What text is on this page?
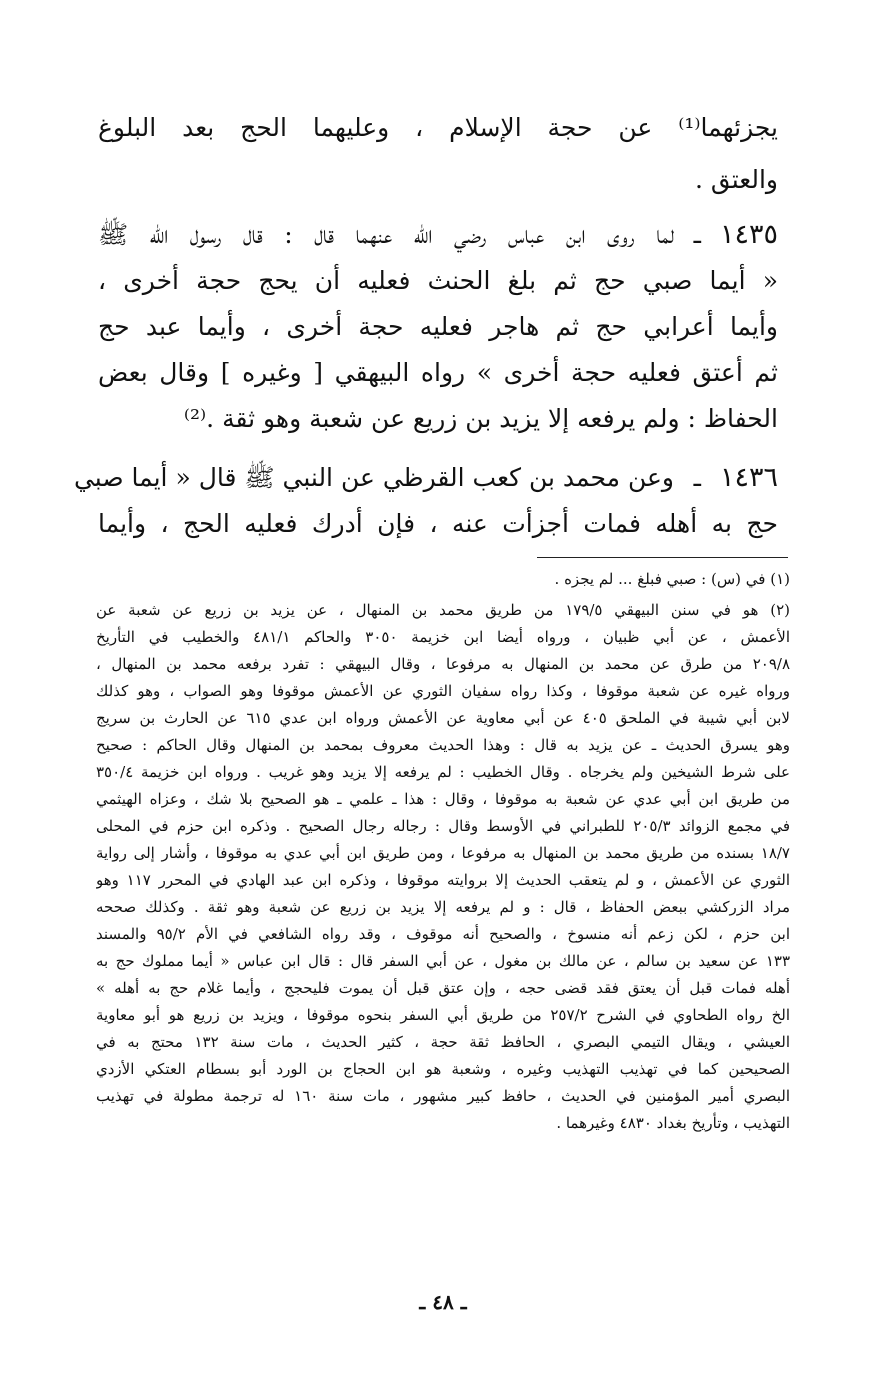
يجزئهما⁽¹⁾ عن حجة الإسلام ، وعليهما الحج بعد البلوغ
والعتق .
١٤٣٥
ـ
لما روى ابن عباس رضي الله عنهما قال : قال رسول الله ﷺ
« أيما صبي حج ثم بلغ الحنث فعليه أن يحج حجة أخرى ،
وأيما أعرابي حج ثم هاجر فعليه حجة أخرى ، وأيما عبد حج
ثم أعتق فعليه حجة أخرى » رواه البيهقي [ وغيره ] وقال بعض
الحفاظ : ولم يرفعه إلا يزيد بن زريع عن شعبة وهو ثقة .⁽²⁾
١٤٣٦
ـ
وعن محمد بن كعب القرظي عن النبي ﷺ قال « أيما صبي
حج به أهله فمات أجزأت عنه ، فإن أدرك فعليه الحج ، وأيما
(١) في (س) : صبي فبلغ ... لم يجزه .
(٢) هو في سنن البيهقي ١٧٩/٥ من طريق محمد بن المنهال ، عن يزيد بن زريع عن شعبة عن
الأعمش ، عن أبي ظبيان ، ورواه أيضا ابن خزيمة ٣٠٥٠ والحاكم ٤٨١/١ والخطيب في التأريخ
٢٠٩/٨ من طرق عن محمد بن المنهال به مرفوعا ، وقال البيهقي : تفرد برفعه محمد بن المنهال ،
ورواه غيره عن شعبة موقوفا ، وكذا رواه سفيان الثوري عن الأعمش موقوفا وهو الصواب ، وهو كذلك
لابن أبي شيبة في الملحق ٤٠٥ عن أبي معاوية عن الأعمش ورواه ابن عدي ٦١٥ عن الحارث بن سريج
وهو يسرق الحديث ـ عن يزيد به قال : وهذا الحديث معروف بمحمد بن المنهال وقال الحاكم : صحيح
على شرط الشيخين ولم يخرجاه . وقال الخطيب : لم يرفعه إلا يزيد وهو غريب . ورواه ابن خزيمة ٣٥٠/٤
من طريق ابن أبي عدي عن شعبة به موقوفا ، وقال : هذا ـ علمي ـ هو الصحيح بلا شك ، وعزاه الهيثمي
في مجمع الزوائد ٢٠٥/٣ للطبراني في الأوسط وقال : رجاله رجال الصحيح . وذكره ابن حزم في المحلى
١٨/٧ بسنده من طريق محمد بن المنهال به مرفوعا ، ومن طريق ابن أبي عدي به موقوفا ، وأشار إلى رواية
الثوري عن الأعمش ، و لم يتعقب الحديث إلا بروايته موقوفا ، وذكره ابن عبد الهادي في المحرر ١١٧ وهو
مراد الزركشي ببعض الحفاظ ، قال : و لم يرفعه إلا يزيد بن زريع عن شعبة وهو ثقة . وكذلك صححه
ابن حزم ، لكن زعم أنه منسوخ ، والصحيح أنه موقوف ، وقد رواه الشافعي في الأم ٩٥/٢ والمسند
١٣٣ عن سعيد بن سالم ، عن مالك بن مغول ، عن أبي السفر قال : قال ابن عباس « أيما مملوك حج به
أهله فمات قبل أن يعتق فقد قضى حجه ، وإن عتق قبل أن يموت فليحجج ، وأيما غلام حج به أهله »
الخ رواه الطحاوي في الشرح ٢٥٧/٢ من طريق أبي السفر بنحوه موقوفا ، ويزيد بن زريع هو أبو معاوية
العيشي ، ويقال التيمي البصري ، الحافظ ثقة حجة ، كثير الحديث ، مات سنة ١٣٢ محتج به في
الصحيحين كما في تهذيب التهذيب وغيره ، وشعبة هو ابن الحجاج بن الورد أبو بسطام العتكي الأزدي
البصري أمير المؤمنين في الحديث ، حافظ كبير مشهور ، مات سنة ١٦٠ له ترجمة مطولة في تهذيب
التهذيب ، وتأريخ بغداد ٤٨٣٠ وغيرهما .
ـ ٤٨ ـ
